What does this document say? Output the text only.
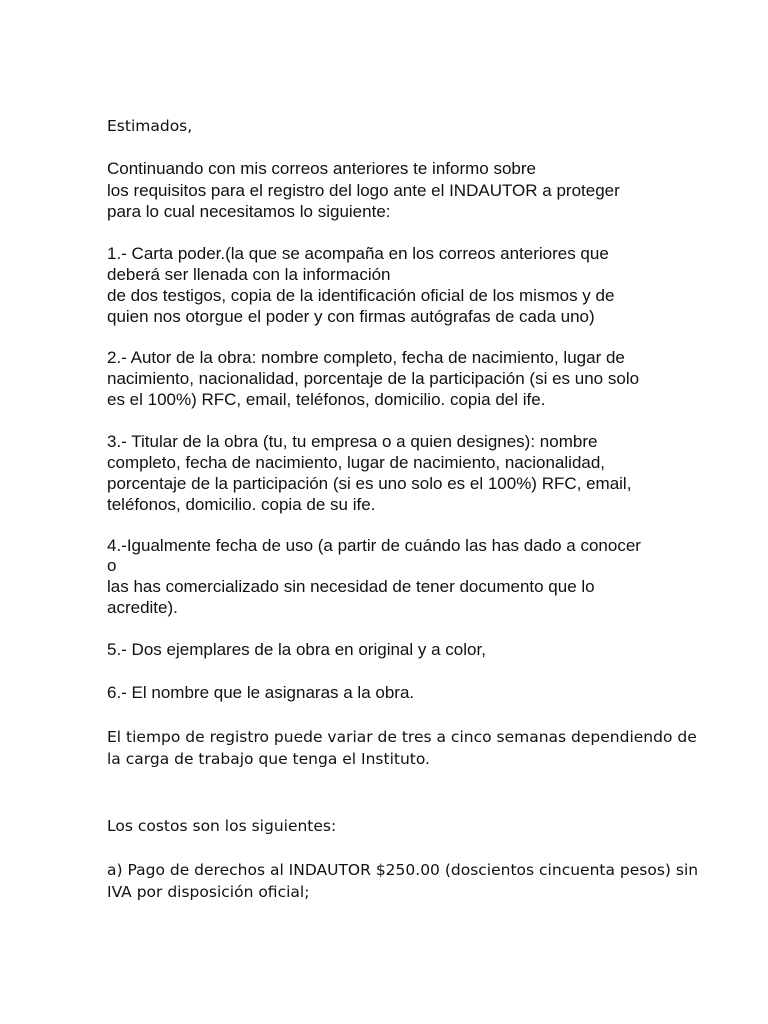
Estimados,
Continuando con mis correos anteriores te informo sobre
los requisitos para el registro del logo ante el INDAUTOR a proteger
para lo cual necesitamos lo siguiente:
1.- Carta poder.(la que se acompaña en los correos anteriores que
deberá ser llenada con la información
de dos testigos, copia de la identificación oficial de los mismos y de
quien nos otorgue el poder y con firmas autógrafas de cada uno)
2.- Autor de la obra: nombre completo, fecha de nacimiento, lugar de
nacimiento, nacionalidad, porcentaje de la participación (si es uno solo
es el 100%) RFC, email, teléfonos, domicilio. copia del ife.
3.- Titular de la obra (tu, tu empresa o a quien designes): nombre
completo, fecha de nacimiento, lugar de nacimiento, nacionalidad,
porcentaje de la participación (si es uno solo es el 100%) RFC, email,
teléfonos, domicilio. copia de su ife.
4.-Igualmente fecha de uso (a partir de cuándo las has dado a conocer
o
las has comercializado sin necesidad de tener documento que lo
acredite).
5.- Dos ejemplares de la obra en original y a color,
6.- El nombre que le asignaras a la obra.
El tiempo de registro puede variar de tres a cinco semanas dependiendo de
la carga de trabajo que tenga el Instituto.
Los costos son los siguientes:
a) Pago de derechos al INDAUTOR $250.00 (doscientos cincuenta pesos) sin
IVA por disposición oficial;
